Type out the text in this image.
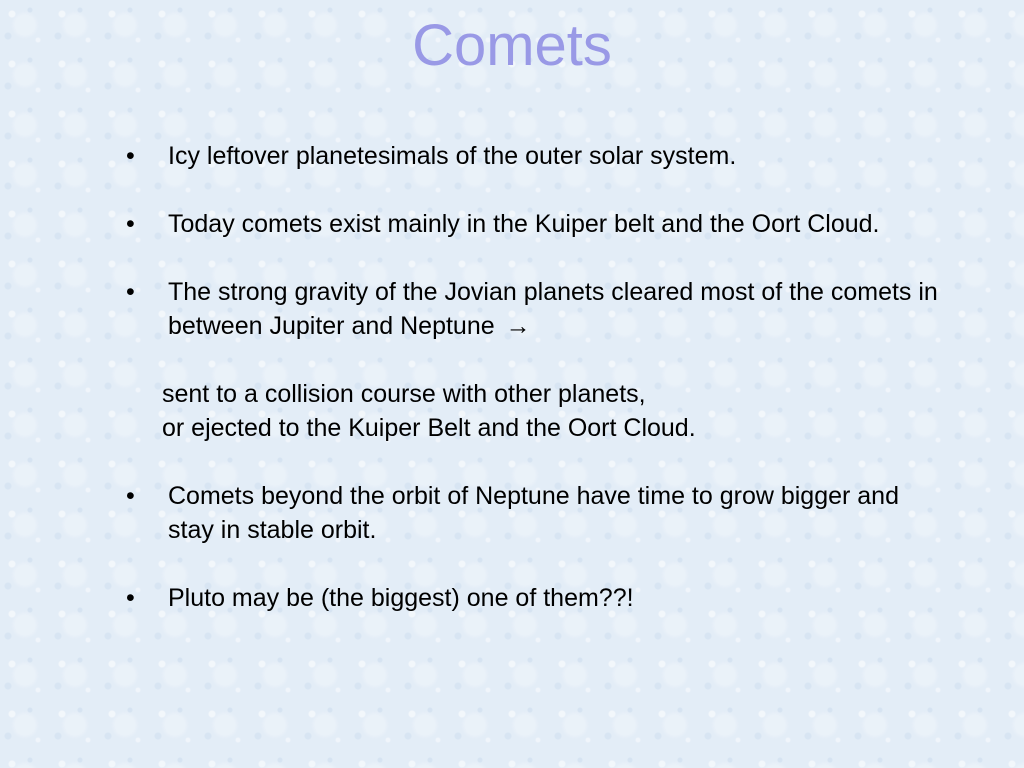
Comets
• Icy leftover planetesimals of the outer solar system.
• Today comets exist mainly in the Kuiper belt and the Oort Cloud.
• The strong gravity of the Jovian planets cleared most of the comets in between Jupiter and Neptune →

sent to a collision course with other planets,

or ejected to the Kuiper Belt and the Oort Cloud.

• Comets beyond the orbit of Neptune have time to grow bigger and stay in stable orbit.
• Pluto may be (the biggest) one of them??!
